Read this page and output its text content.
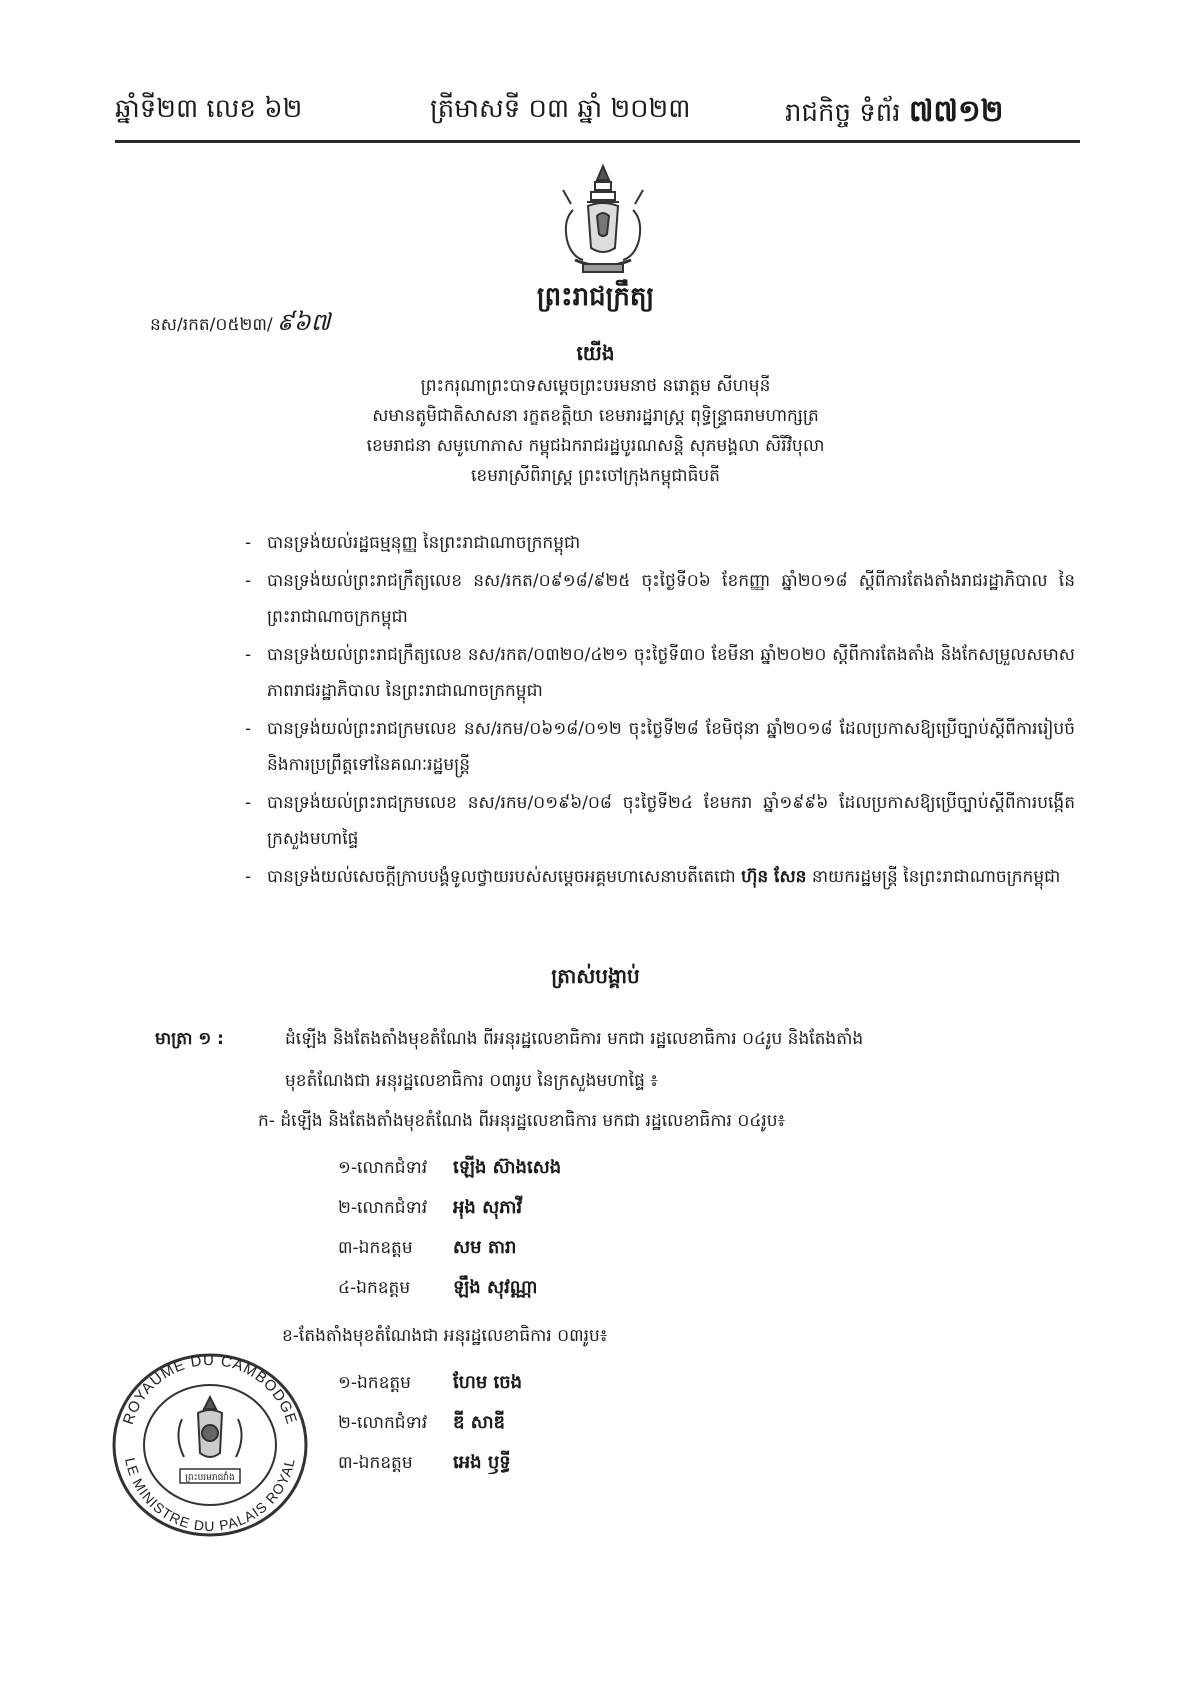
ឆ្នាំទី២៣ លេខ ៦២	ត្រីមាសទី ០៣ ឆ្នាំ ២០២៣	រាជកិច្ច ទំព័រ ៧៧១២
ព្រះរាជក្រឹត្យ
នស/រកត/០៥២៣/ ៩៦៧
យើង
ព្រះករុណាព្រះបាទសម្តេចព្រះបរមនាថ នរោត្តម សីហមុនី
សមានតូមិជាតិសាសនា រក្ខតខត្តិយា ខេមរារដ្ឋរាស្ត្រ ពុទ្ធិន្ទ្រាធរាមហាក្សត្រ
ខេមរាជនា សមូហោភាស កម្ពុជឯករាជរដ្ឋបូរណសន្តិ សុភមង្គលា សិរីវិបុលា
ខេមរាស្រីពិរាស្ត្រ ព្រះចៅក្រុងកម្ពុជាធិបតី
- បានទ្រង់យល់រដ្ឋធម្មនុញ្ញ នៃព្រះរាជាណាចក្រកម្ពុជា
- បានទ្រង់យល់ព្រះរាជក្រឹត្យលេខ នស/រកត/០៩១៨/៩២៥ ចុះថ្ងៃទី០៦ ខែកញ្ញា ឆ្នាំ២០១៨ ស្តីពីការតែងតាំងរាជរដ្ឋាភិបាល នៃព្រះរាជាណាចក្រកម្ពុជា
- បានទ្រង់យល់ព្រះរាជក្រឹត្យលេខ នស/រកត/០៣២០/៤២១ ចុះថ្ងៃទី៣០ ខែមីនា ឆ្នាំ២០២០ ស្តីពីការតែងតាំង និងកែសម្រួលសមាសភាពរាជរដ្ឋាភិបាល នៃព្រះរាជាណាចក្រកម្ពុជា
- បានទ្រង់យល់ព្រះរាជក្រមលេខ នស/រកម/០៦១៨/០១២ ចុះថ្ងៃទី២៨ ខែមិថុនា ឆ្នាំ២០១៨ ដែលប្រកាសឱ្យប្រើច្បាប់ស្តីពីការរៀបចំ និងការប្រព្រឹត្តទៅនៃគណៈរដ្ឋមន្ត្រី
- បានទ្រង់យល់ព្រះរាជក្រមលេខ នស/រកម/០១៩៦/០៨ ចុះថ្ងៃទី២៤ ខែមករា ឆ្នាំ១៩៩៦ ដែលប្រកាសឱ្យប្រើច្បាប់ស្តីពីការបង្កើតក្រសួងមហាផ្ទៃ
- បានទ្រង់យល់សេចក្តីក្រាបបង្គំទូលថ្វាយរបស់សម្តេចអគ្គមហាសេនាបតីតេជោ ហ៊ុន សែន នាយករដ្ឋមន្ត្រី នៃព្រះរាជាណាចក្រកម្ពុជា
ត្រាស់បង្គាប់
មាត្រា ១ :	ដំឡើង និងតែងតាំងមុខតំណែង ពីអនុរដ្ឋលេខាធិការ មកជា រដ្ឋលេខាធិការ ០៤រូប និងតែងតាំង
មុខតំណែងជា អនុរដ្ឋលេខាធិការ ០៣រូប នៃក្រសួងមហាផ្ទៃ ៖
ក- ដំឡើង និងតែងតាំងមុខតំណែង ពីអនុរដ្ឋលេខាធិការ មកជា រដ្ឋលេខាធិការ ០៤រូប៖
១-លោកជំទាវ ឡើង ស៊ាងសេង
២-លោកជំទាវ អុង សុភាវី
៣-ឯកឧត្តម សម តារា
៤-ឯកឧត្តម ឡឹង សុវណ្ណា
ខ-តែងតាំងមុខតំណែងជា អនុរដ្ឋលេខាធិការ ០៣រូប៖
១-ឯកឧត្តម ហែម ចេង
២-លោកជំទាវ ឌី សាឌី
៣-ឯកឧត្តម អេង ឫទ្ធី
ROYAUME DU CAMBODGE
LE MINISTRE DU PALAIS ROYAL
ព្រះបរមរាជវាំង
